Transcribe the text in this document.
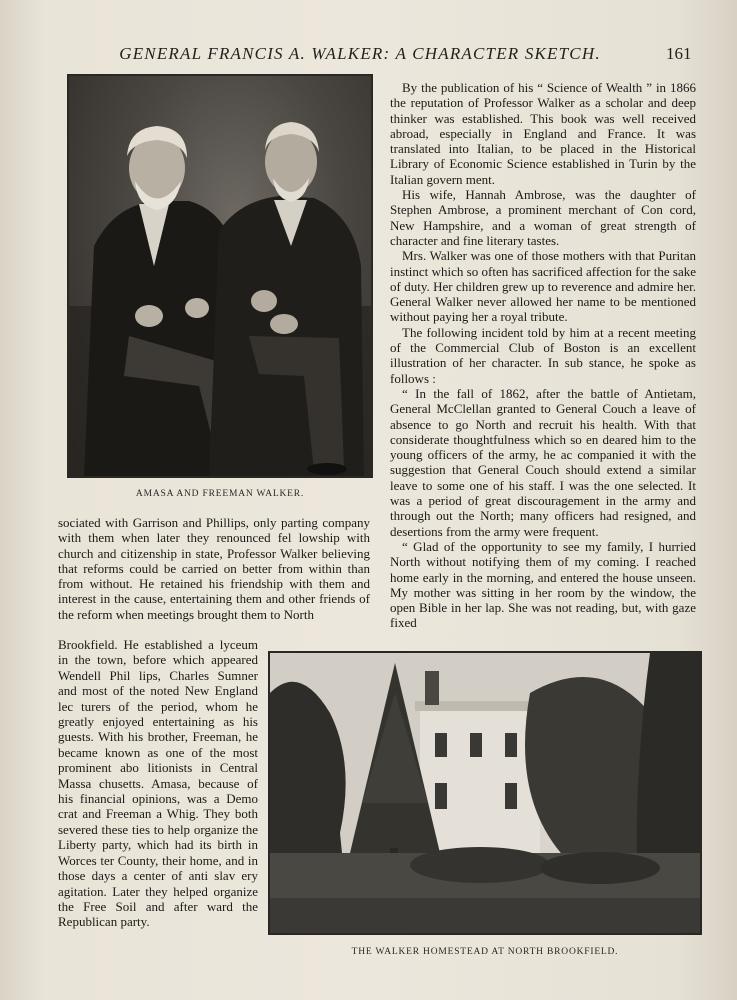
GENERAL FRANCIS A. WALKER: A CHARACTER SKETCH.	161
AMASA AND FREEMAN WALKER.

By the publication of his “ Science of Wealth ” in 1866 the reputation of Professor Walker as a scholar and deep thinker was established. This book was well received abroad, especially in England and France. It was translated into Italian, to be placed in the Historical Library of Economic Science established in Turin by the Italian govern ment.

His wife, Hannah Ambrose, was the daughter of Stephen Ambrose, a prominent merchant of Con cord, New Hampshire, and a woman of great strength of character and fine literary tastes.

Mrs. Walker was one of those mothers with that Puritan instinct which so often has sacrificed affection for the sake of duty. Her children grew up to reverence and admire her. General Walker never allowed her name to be mentioned without paying her a royal tribute.

The following incident told by him at a recent meeting of the Commercial Club of Boston is an excellent illustration of her character. In sub stance, he spoke as follows :

“ In the fall of 1862, after the battle of Antietam, General McClellan granted to General Couch a leave of absence to go North and recruit his health. With that considerate thoughtfulness which so en deared him to the young officers of the army, he ac companied it with the suggestion that General Couch should extend a similar leave to some one of his staff. I was the one selected. It was a period of great discouragement in the army and through out the North; many officers had resigned, and desertions from the army were frequent.

“ Glad of the opportunity to see my family, I hurried North without notifying them of my coming. I reached home early in the morning, and entered the house unseen. My mother was sitting in her room by the window, the open Bible in her lap. She was not reading, but, with gaze fixed

sociated with Garrison and Phillips, only parting company with them when later they renounced fel lowship with church and citizenship in state, Professor Walker believing that reforms could be carried on better from within than from without. He retained his friendship with them and interest in the cause, entertaining them and other friends of the reform when meetings brought them to North

Brookfield. He established a lyceum in the town, before which appeared Wendell Phil lips, Charles Sumner and most of the noted New England lec turers of the period, whom he greatly enjoyed entertaining as his guests. With his brother, Freeman, he became known as one of the most prominent abo litionists in Central Massa chusetts. Amasa, because of his financial opinions, was a Demo crat and Freeman a Whig. They both severed these ties to help organize the Liberty party, which had its birth in Worces ter County, their home, and in those days a center of anti slav ery agitation. Later they helped organize the Free Soil and after ward the Republican party.

THE WALKER HOMESTEAD AT NORTH BROOKFIELD.
